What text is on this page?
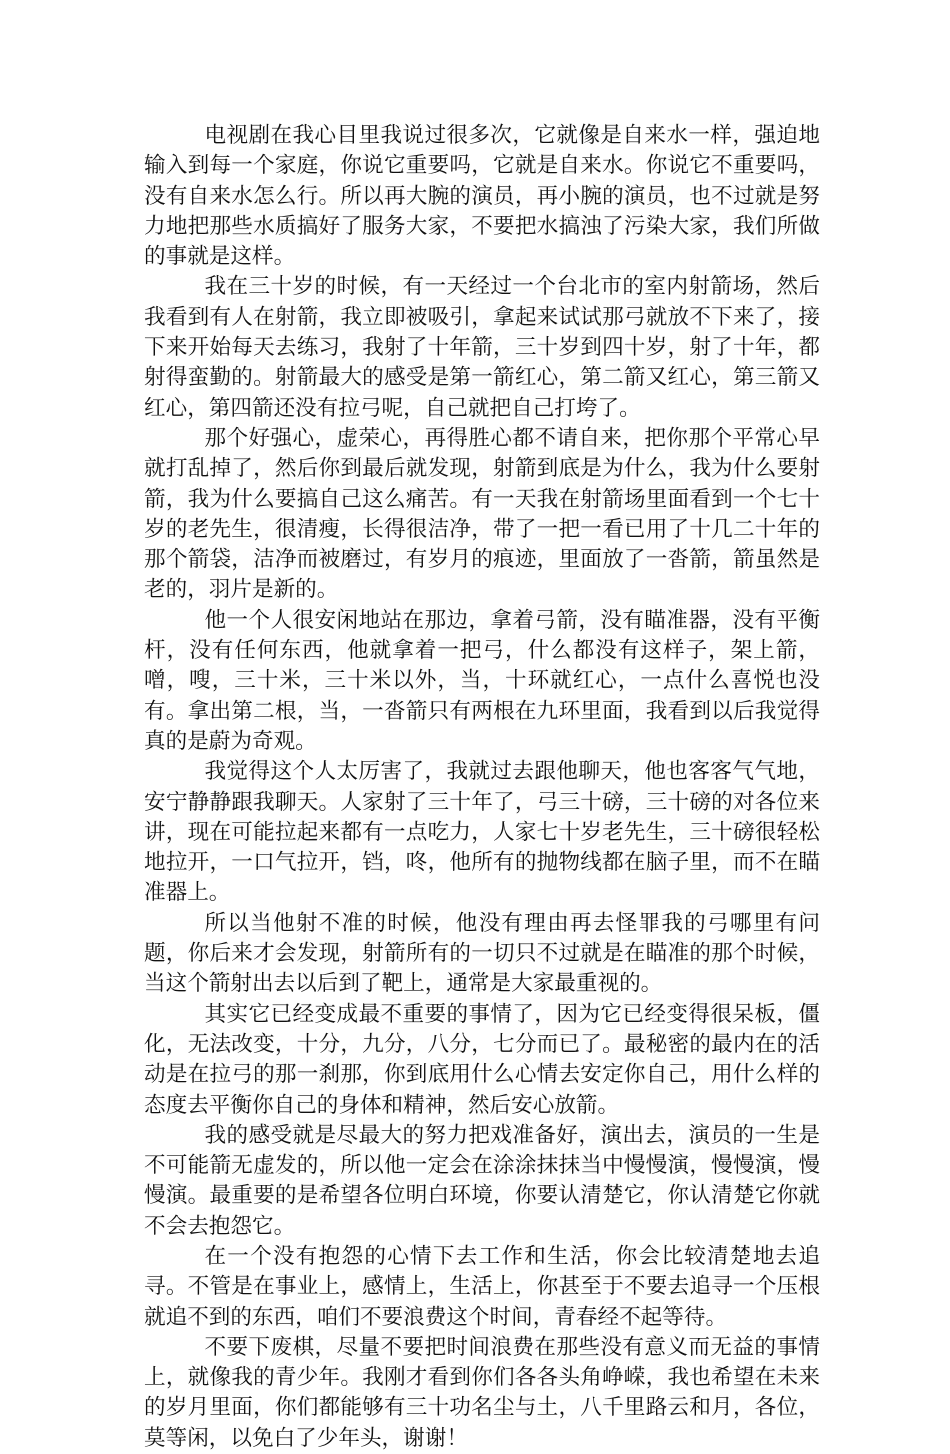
电视剧在我心目里我说过很多次，它就像是自来水一样，强迫地输入到每一个家庭，你说它重要吗，它就是自来水。你说它不重要吗，没有自来水怎么行。所以再大腕的演员，再小腕的演员，也不过就是努力地把那些水质搞好了服务大家，不要把水搞浊了污染大家，我们所做的事就是这样。

我在三十岁的时候，有一天经过一个台北市的室内射箭场，然后我看到有人在射箭，我立即被吸引，拿起来试试那弓就放不下来了，接下来开始每天去练习，我射了十年箭，三十岁到四十岁，射了十年，都射得蛮勤的。射箭最大的感受是第一箭红心，第二箭又红心，第三箭又红心，第四箭还没有拉弓呢，自己就把自己打垮了。

那个好强心，虚荣心，再得胜心都不请自来，把你那个平常心早就打乱掉了，然后你到最后就发现，射箭到底是为什么，我为什么要射箭，我为什么要搞自己这么痛苦。有一天我在射箭场里面看到一个七十岁的老先生，很清瘦，长得很洁净，带了一把一看已用了十几二十年的那个箭袋，洁净而被磨过，有岁月的痕迹，里面放了一沓箭，箭虽然是老的，羽片是新的。

他一个人很安闲地站在那边，拿着弓箭，没有瞄准器，没有平衡杆，没有任何东西，他就拿着一把弓，什么都没有这样子，架上箭，噌，嗖，三十米，三十米以外，当，十环就红心，一点什么喜悦也没有。拿出第二根，当，一沓箭只有两根在九环里面，我看到以后我觉得真的是蔚为奇观。

我觉得这个人太厉害了，我就过去跟他聊天，他也客客气气地，安宁静静跟我聊天。人家射了三十年了，弓三十磅，三十磅的对各位来讲，现在可能拉起来都有一点吃力，人家七十岁老先生，三十磅很轻松地拉开，一口气拉开，铛，咚，他所有的抛物线都在脑子里，而不在瞄准器上。

所以当他射不准的时候，他没有理由再去怪罪我的弓哪里有问题，你后来才会发现，射箭所有的一切只不过就是在瞄准的那个时候，当这个箭射出去以后到了靶上，通常是大家最重视的。

其实它已经变成最不重要的事情了，因为它已经变得很呆板，僵化，无法改变，十分，九分，八分，七分而已了。最秘密的最内在的活动是在拉弓的那一刹那，你到底用什么心情去安定你自己，用什么样的态度去平衡你自己的身体和精神，然后安心放箭。

我的感受就是尽最大的努力把戏准备好，演出去，演员的一生是不可能箭无虚发的，所以他一定会在涂涂抹抹当中慢慢演，慢慢演，慢慢演。最重要的是希望各位明白环境，你要认清楚它，你认清楚它你就不会去抱怨它。

在一个没有抱怨的心情下去工作和生活，你会比较清楚地去追寻。不管是在事业上，感情上，生活上，你甚至于不要去追寻一个压根就追不到的东西，咱们不要浪费这个时间，青春经不起等待。

不要下废棋，尽量不要把时间浪费在那些没有意义而无益的事情上，就像我的青少年。我刚才看到你们各各头角峥嵘，我也希望在未来的岁月里面，你们都能够有三十功名尘与土，八千里路云和月，各位，莫等闲，以免白了少年头，谢谢！
